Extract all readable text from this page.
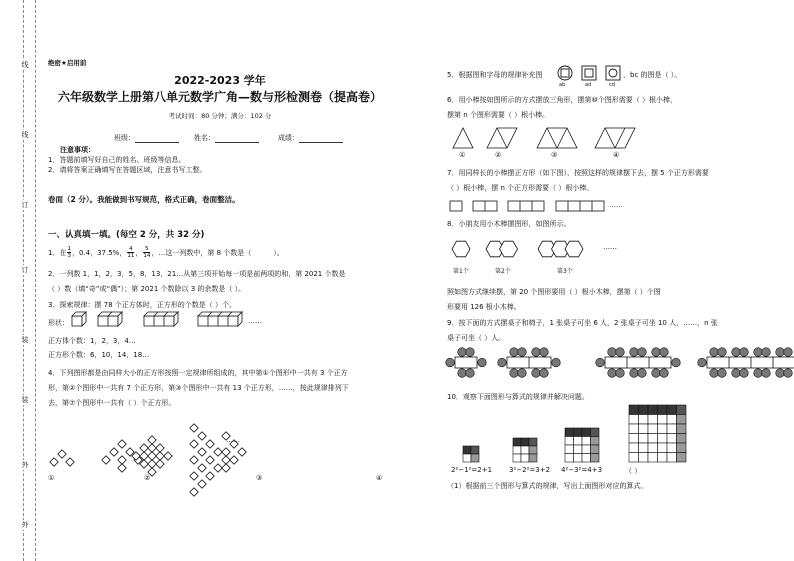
线
线
订
订
装
装
外
外
绝密★启用前
2022-2023 学年
六年级数学上册第八单元数学广角—数与形检测卷（提高卷）
考试时间：80 分钟；满分：102 分
班级：	姓名：	成绩：
注意事项：
1．答题前填写好自己的姓名、班级等信息。
2．请将答案正确填写在答题区域，注意书写工整。
卷面（2 分）。我能做到书写规范，格式正确，卷面整洁。
一、认真填一填。(每空 2 分，共 32 分)
1．在 1
3 ，0.4，37.5%， 4
11 ， 5
14 ，…这一列数中，第 8 个数是（	）。
2．一列数 1，1，2，3，5，8，13，21…从第三项开始每一项是前两项的和，第 2021 个数是
（ ）数（填“奇”或“偶”）；第 2021 个数除以 3 的余数是（ ）。
3．探索规律：摆 78 个正方体时，正方形的个数是（ ）个。
形状：	……
正方体个数：1，2，3，4…
正方形个数：6，10，14，18…
4．下列图形都是由同样大小的正方形按照一定规律所组成的，其中第①个图形中一共有 3 个正方
形，第②个图形中一共有 7 个正方形，第③个图形中一共有 13 个正方形，……，按此规律排列下
去，第⑦个图形中一共有（ ）个正方形。
……
①	②	③	④
5．根据图和字母的规律补充图
ab	ad	cd
，bc 的图是（ ）。
6．用小棒按如图所示的方式摆放三角形，摆第⑩个图形需要（ ）根小棒，
摆第 n 个图形需要（ ）根小棒。
①	②	③	④
7．用同样长的小棒摆正方形（如下图），按照这样的规律摆下去，摆 5 个正方形需要
（ ）根小棒，摆 n 个正方形需要（ ）根小棒。
……
8．小朋友用小木棒摆图形，如图所示。
……
第1个	第2个	第3个
照如图方式继续摆，第 20 个图形要用（ ）根小木棒，摆第（ ）个图
形要用 126 根小木棒。
9．按下面的方式摆桌子和椅子，1 张桌子可坐 6 人，2 张桌子可坐 10 人，……，n 张
桌子可坐（ ）人。
10．观察下面图形与算式的规律并解决问题。
2²−1²=2+1 3²−2²=3+2 4²−3²=4+3	（ ）
（1）根据前三个图形与算式的规律，写出上面图形对应的算式。
